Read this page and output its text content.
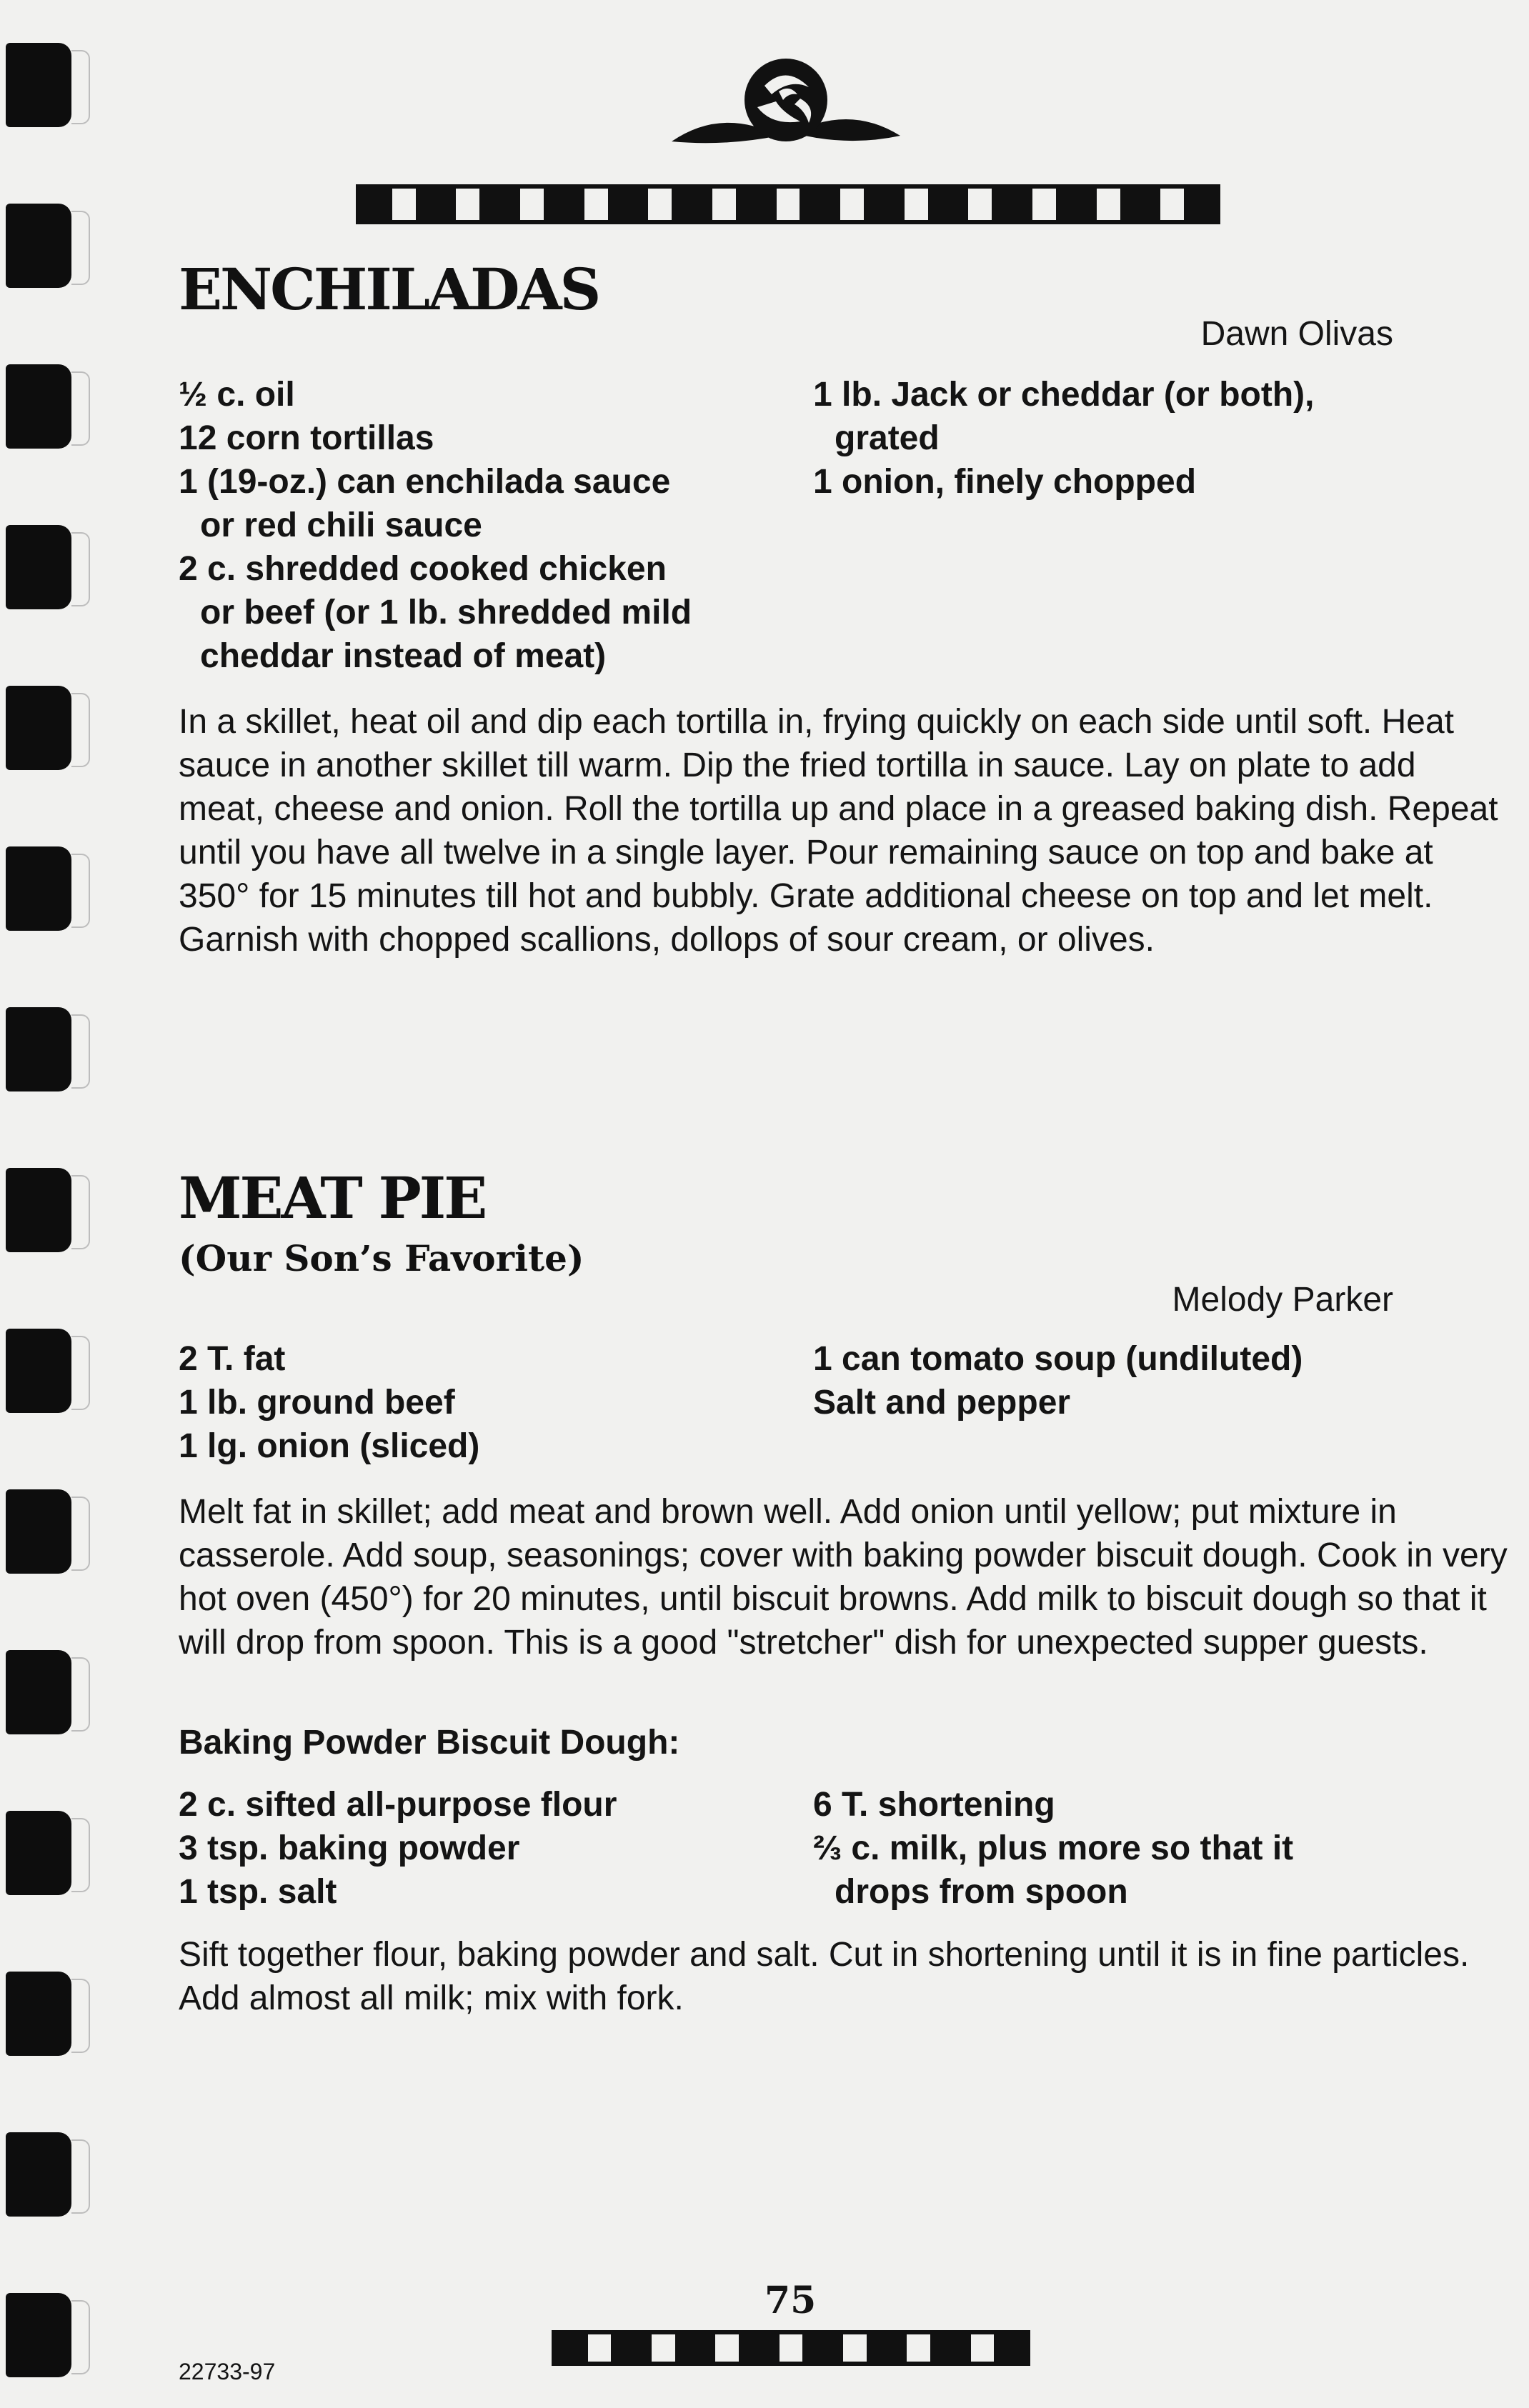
ENCHILADAS
Dawn Olivas
½ c. oil
12 corn tortillas
1 (19-oz.) can enchilada sauce
or red chili sauce
2 c. shredded cooked chicken
or beef (or 1 lb. shredded mild
cheddar instead of meat)
1 lb. Jack or cheddar (or both),
grated
1 onion, finely chopped
In a skillet, heat oil and dip each tortilla in, frying quickly on each side until soft. Heat sauce in another skillet till warm. Dip the fried tortilla in sauce. Lay on plate to add meat, cheese and onion. Roll the tortilla up and place in a greased baking dish. Repeat until you have all twelve in a single layer. Pour remaining sauce on top and bake at 350° for 15 minutes till hot and bubbly. Grate additional cheese on top and let melt. Garnish with chopped scallions, dollops of sour cream, or olives.
MEAT PIE
(Our Son’s Favorite)
Melody Parker
2 T. fat
1 lb. ground beef
1 lg. onion (sliced)
1 can tomato soup (undiluted)
Salt and pepper
Melt fat in skillet; add meat and brown well. Add onion until yellow; put mixture in casserole. Add soup, seasonings; cover with baking powder biscuit dough. Cook in very hot oven (450°) for 20 minutes, until biscuit browns. Add milk to biscuit dough so that it will drop from spoon. This is a good "stretcher" dish for unexpected supper guests.
Baking Powder Biscuit Dough:
2 c. sifted all-purpose flour
3 tsp. baking powder
1 tsp. salt
6 T. shortening
⅔ c. milk, plus more so that it
drops from spoon
Sift together flour, baking powder and salt. Cut in shortening until it is in fine particles. Add almost all milk; mix with fork.
75
22733-97
